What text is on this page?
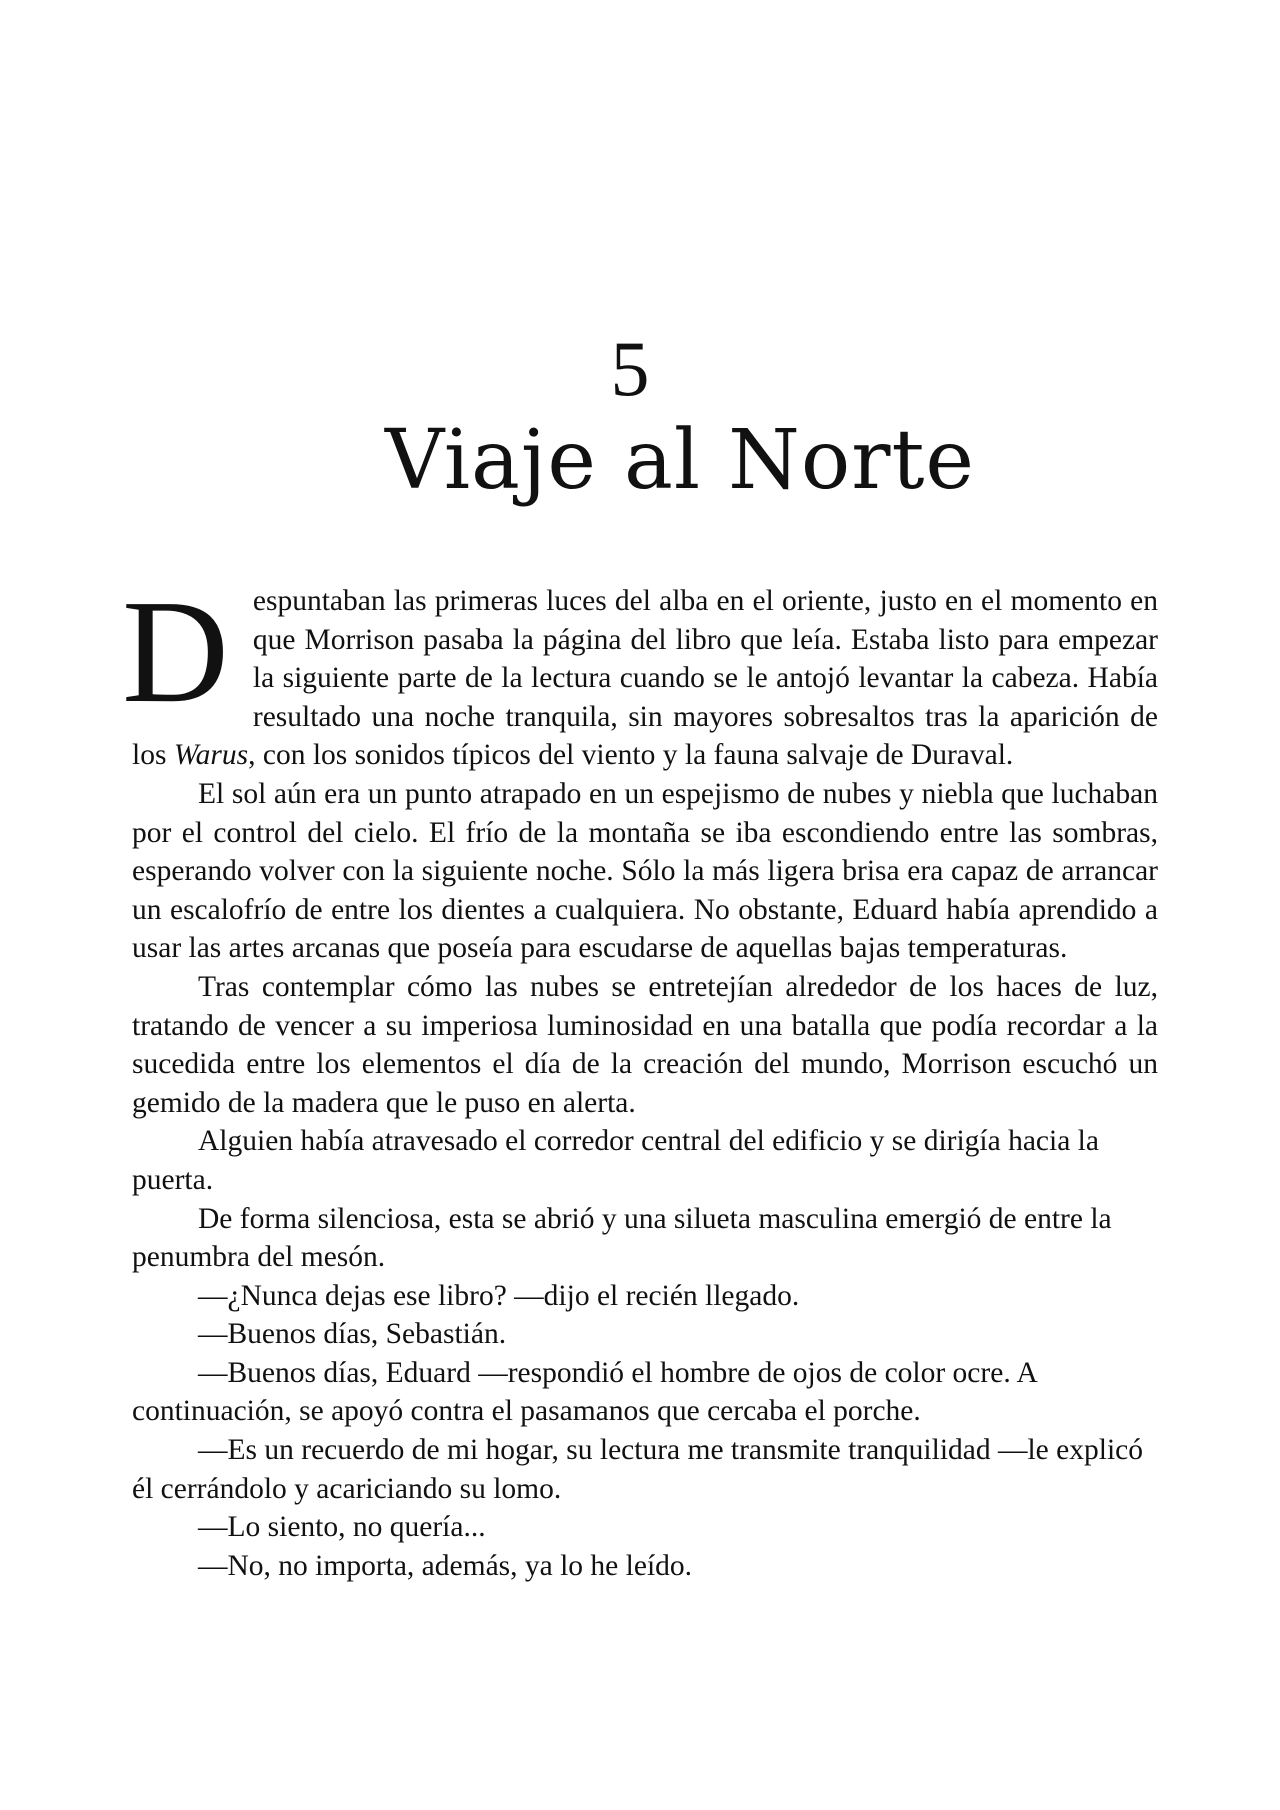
5
Viaje al Norte

Despuntaban las primeras luces del alba en el oriente, justo en el momento en que Morrison pasaba la página del libro que leía. Estaba listo para empezar la siguiente parte de la lectura cuando se le antojó levantar la cabeza. Había resultado una noche tranquila, sin mayores sobresaltos tras la aparición de los Warus, con los sonidos típicos del viento y la fauna salvaje de Duraval.

El sol aún era un punto atrapado en un espejismo de nubes y niebla que luchaban por el control del cielo. El frío de la montaña se iba escondiendo entre las sombras, esperando volver con la siguiente noche. Sólo la más ligera brisa era capaz de arrancar un escalofrío de entre los dientes a cualquiera. No obstante, Eduard había aprendido a usar las artes arcanas que poseía para escudarse de aquellas bajas temperaturas.

Tras contemplar cómo las nubes se entretejían alrededor de los haces de luz, tratando de vencer a su imperiosa luminosidad en una batalla que podía recordar a la sucedida entre los elementos el día de la creación del mundo, Morrison escuchó un gemido de la madera que le puso en alerta.

Alguien había atravesado el corredor central del edificio y se dirigía hacia la puerta.

De forma silenciosa, esta se abrió y una silueta masculina emergió de entre la penumbra del mesón.

—¿Nunca dejas ese libro? —dijo el recién llegado.

—Buenos días, Sebastián.

—Buenos días, Eduard —respondió el hombre de ojos de color ocre. A continuación, se apoyó contra el pasamanos que cercaba el porche.

—Es un recuerdo de mi hogar, su lectura me transmite tranquilidad —le explicó él cerrándolo y acariciando su lomo.

—Lo siento, no quería...

—No, no importa, además, ya lo he leído.
